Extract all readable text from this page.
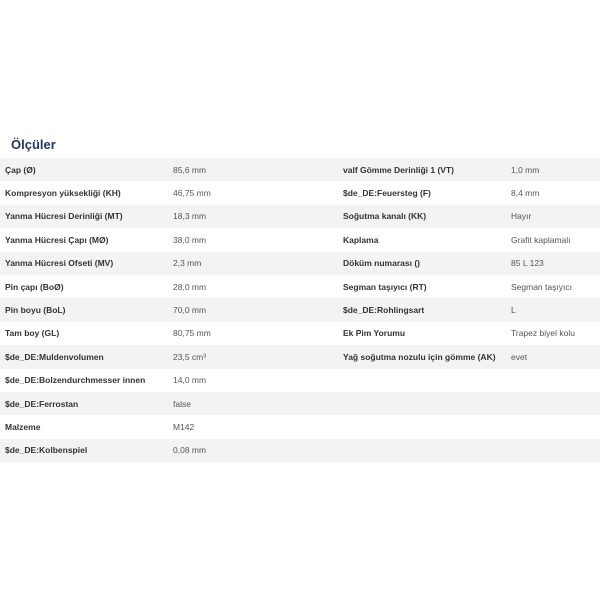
Ölçüler
Çap (Ø)	85,6 mm	valf Gömme Derinliği 1 (VT)	1,0 mm
Kompresyon yüksekliği (KH)	46,75 mm	$de_DE:Feuersteg (F)	8,4 mm
Yanma Hücresi Derinliği (MT)	18,3 mm	Soğutma kanalı (KK)	Hayır
Yanma Hücresi Çapı (MØ)	38,0 mm	Kaplama	Grafit kaplamalı
Yanma Hücresi Ofseti (MV)	2,3 mm	Döküm numarası ()	85 L 123
Pin çapı (BoØ)	28,0 mm	Segman taşıyıcı (RT)	Segman taşıyıcı
Pin boyu (BoL)	70,0 mm	$de_DE:Rohlingsart	L
Tam boy (GL)	80,75 mm	Ek Pim Yorumu	Trapez biyel kolu
$de_DE:Muldenvolumen	23,5 cm³	Yağ soğutma nozulu için gömme (AK)	evet
$de_DE:Bolzendurchmesser innen	14,0 mm		
$de_DE:Ferrostan	false		
Malzeme	M142		
$de_DE:Kolbenspiel	0,08 mm		
